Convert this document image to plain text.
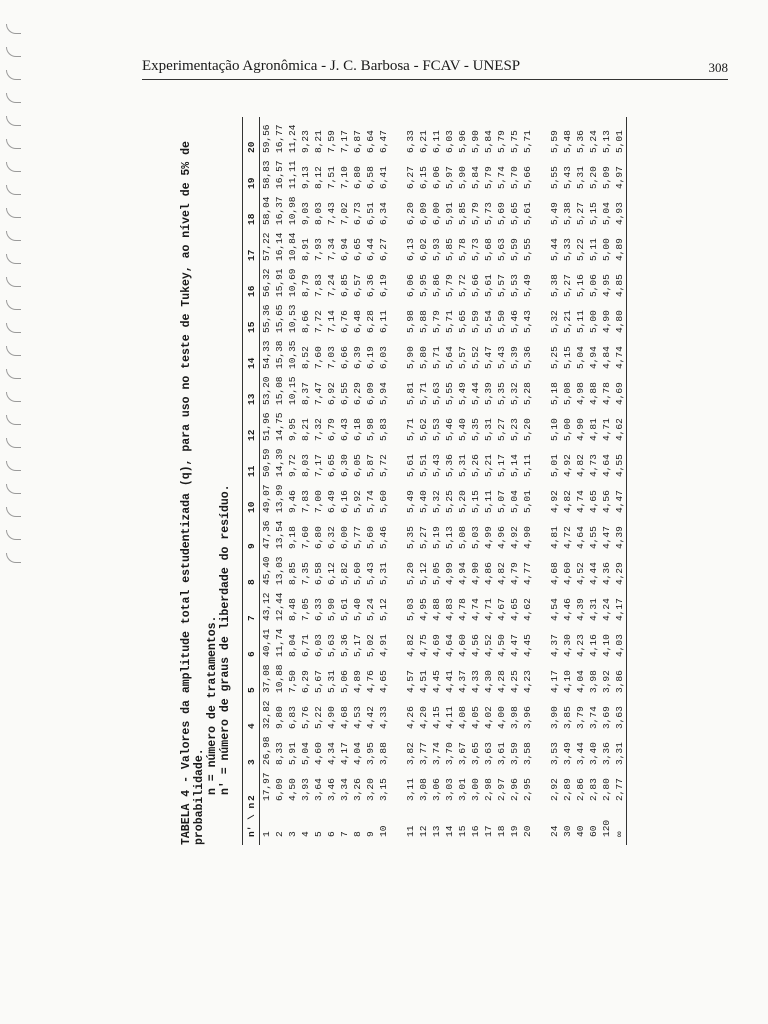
Experimentação Agronômica - J. C. Barbosa - FCAV - UNESP	308

TABELA 4 - Valores da amplitude total estudentizada (q), para uso no teste de Tukey, ao nível de 5% de probabilidade.

n = número de tratamentos. n' = número de graus de liberdade do resíduo.

n' \ n	2	3	4	5	6	7	8	9	10	11	12	13	14	15	16	17	18	19	20
1	17,97	26,98	32,82	37,08	40,41	43,12	45,40	47,36	49,07	50,59	51,96	53,20	54,33	55,36	56,32	57,22	58,04	58,83	59,56
2	6,09	8,33	9,80	10,88	11,74	12,44	13,03	13,54	13,99	14,39	14,75	15,08	15,38	15,65	15,91	16,14	16,37	16,57	16,77
3	4,50	5,91	6,83	7,50	8,04	8,48	8,85	9,18	9,46	9,72	9,95	10,15	10,35	10,53	10,69	10,84	10,98	11,11	11,24
4	3,93	5,04	5,76	6,29	6,71	7,05	7,35	7,60	7,83	8,03	8,21	8,37	8,52	8,66	8,79	8,91	9,03	9,13	9,23
5	3,64	4,60	5,22	5,67	6,03	6,33	6,58	6,80	7,00	7,17	7,32	7,47	7,60	7,72	7,83	7,93	8,03	8,12	8,21
6	3,46	4,34	4,90	5,31	5,63	5,90	6,12	6,32	6,49	6,65	6,79	6,92	7,03	7,14	7,24	7,34	7,43	7,51	7,59
7	3,34	4,17	4,68	5,06	5,36	5,61	5,82	6,00	6,16	6,30	6,43	6,55	6,66	6,76	6,85	6,94	7,02	7,10	7,17
8	3,26	4,04	4,53	4,89	5,17	5,40	5,60	5,77	5,92	6,05	6,18	6,29	6,39	6,48	6,57	6,65	6,73	6,80	6,87
9	3,20	3,95	4,42	4,76	5,02	5,24	5,43	5,60	5,74	5,87	5,98	6,09	6,19	6,28	6,36	6,44	6,51	6,58	6,64
10	3,15	3,88	4,33	4,65	4,91	5,12	5,31	5,46	5,60	5,72	5,83	5,94	6,03	6,11	6,19	6,27	6,34	6,41	6,47

11	3,11	3,82	4,26	4,57	4,82	5,03	5,20	5,35	5,49	5,61	5,71	5,81	5,90	5,98	6,06	6,13	6,20	6,27	6,33
12	3,08	3,77	4,20	4,51	4,75	4,95	5,12	5,27	5,40	5,51	5,62	5,71	5,80	5,88	5,95	6,02	6,09	6,15	6,21
13	3,06	3,74	4,15	4,45	4,69	4,88	5,05	5,19	5,32	5,43	5,53	5,63	5,71	5,79	5,86	5,93	6,00	6,06	6,11
14	3,03	3,70	4,11	4,41	4,64	4,83	4,99	5,13	5,25	5,36	5,46	5,55	5,64	5,71	5,79	5,85	5,91	5,97	6,03
15	3,01	3,67	4,08	4,37	4,60	4,78	4,94	5,08	5,20	5,31	5,40	5,49	5,57	5,65	5,72	5,78	5,85	5,90	5,96
16	3,00	3,65	4,05	4,33	4,56	4,74	4,90	5,03	5,15	5,26	5,35	5,44	5,52	5,59	5,66	5,73	5,79	5,84	5,90
17	2,98	3,63	4,02	4,30	4,52	4,71	4,86	4,99	5,11	5,21	5,31	5,39	5,47	5,54	5,61	5,68	5,73	5,79	5,84
18	2,97	3,61	4,00	4,28	4,50	4,67	4,82	4,96	5,07	5,17	5,27	5,35	5,43	5,50	5,57	5,63	5,69	5,74	5,79
19	2,96	3,59	3,98	4,25	4,47	4,65	4,79	4,92	5,04	5,14	5,23	5,32	5,39	5,46	5,53	5,59	5,65	5,70	5,75
20	2,95	3,58	3,96	4,23	4,45	4,62	4,77	4,90	5,01	5,11	5,20	5,28	5,36	5,43	5,49	5,55	5,61	5,66	5,71

24	2,92	3,53	3,90	4,17	4,37	4,54	4,68	4,81	4,92	5,01	5,10	5,18	5,25	5,32	5,38	5,44	5,49	5,55	5,59
30	2,89	3,49	3,85	4,10	4,30	4,46	4,60	4,72	4,82	4,92	5,00	5,08	5,15	5,21	5,27	5,33	5,38	5,43	5,48
40	2,86	3,44	3,79	4,04	4,23	4,39	4,52	4,64	4,74	4,82	4,90	4,98	5,04	5,11	5,16	5,22	5,27	5,31	5,36
60	2,83	3,40	3,74	3,98	4,16	4,31	4,44	4,55	4,65	4,73	4,81	4,88	4,94	5,00	5,06	5,11	5,15	5,20	5,24
120	2,80	3,36	3,69	3,92	4,10	4,24	4,36	4,47	4,56	4,64	4,71	4,78	4,84	4,90	4,95	5,00	5,04	5,09	5,13
∞	2,77	3,31	3,63	3,86	4,03	4,17	4,29	4,39	4,47	4,55	4,62	4,69	4,74	4,80	4,85	4,89	4,93	4,97	5,01
